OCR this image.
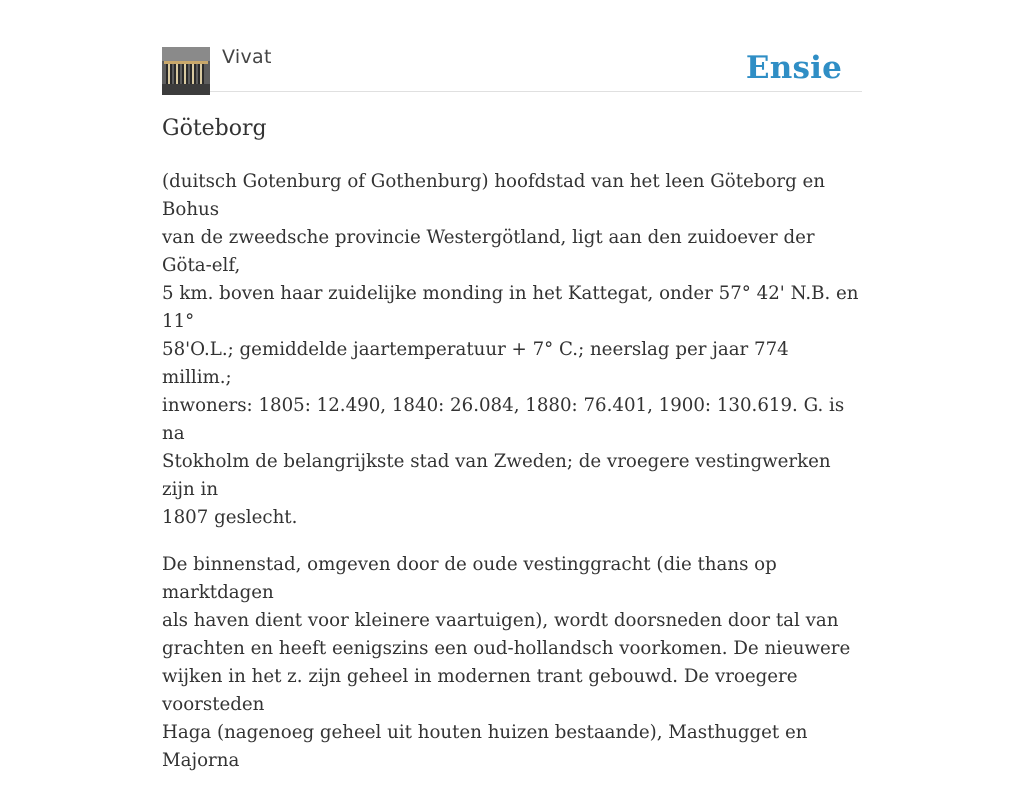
Vivat	Ensie
Göteborg

(duitsch Gotenburg of Gothenburg) hoofdstad van het leen Göteborg en Bohus
van de zweedsche provincie Westergötland, ligt aan den zuidoever der Göta-elf,
5 km. boven haar zuidelijke monding in het Kattegat, onder 57° 42' N.B. en 11°
58'O.L.; gemiddelde jaartemperatuur + 7° C.; neerslag per jaar 774 millim.;
inwoners: 1805: 12.490, 1840: 26.084, 1880: 76.401, 1900: 130.619. G. is na
Stokholm de belangrijkste stad van Zweden; de vroegere vestingwerken zijn in
1807 geslecht.

De binnenstad, omgeven door de oude vestinggracht (die thans op marktdagen
als haven dient voor kleinere vaartuigen), wordt doorsneden door tal van
grachten en heeft eenigszins een oud-hollandsch voorkomen. De nieuwere
wijken in het z. zijn geheel in modernen trant gebouwd. De vroegere voorsteden
Haga (nagenoeg geheel uit houten huizen bestaande), Masthugget en Majorna
